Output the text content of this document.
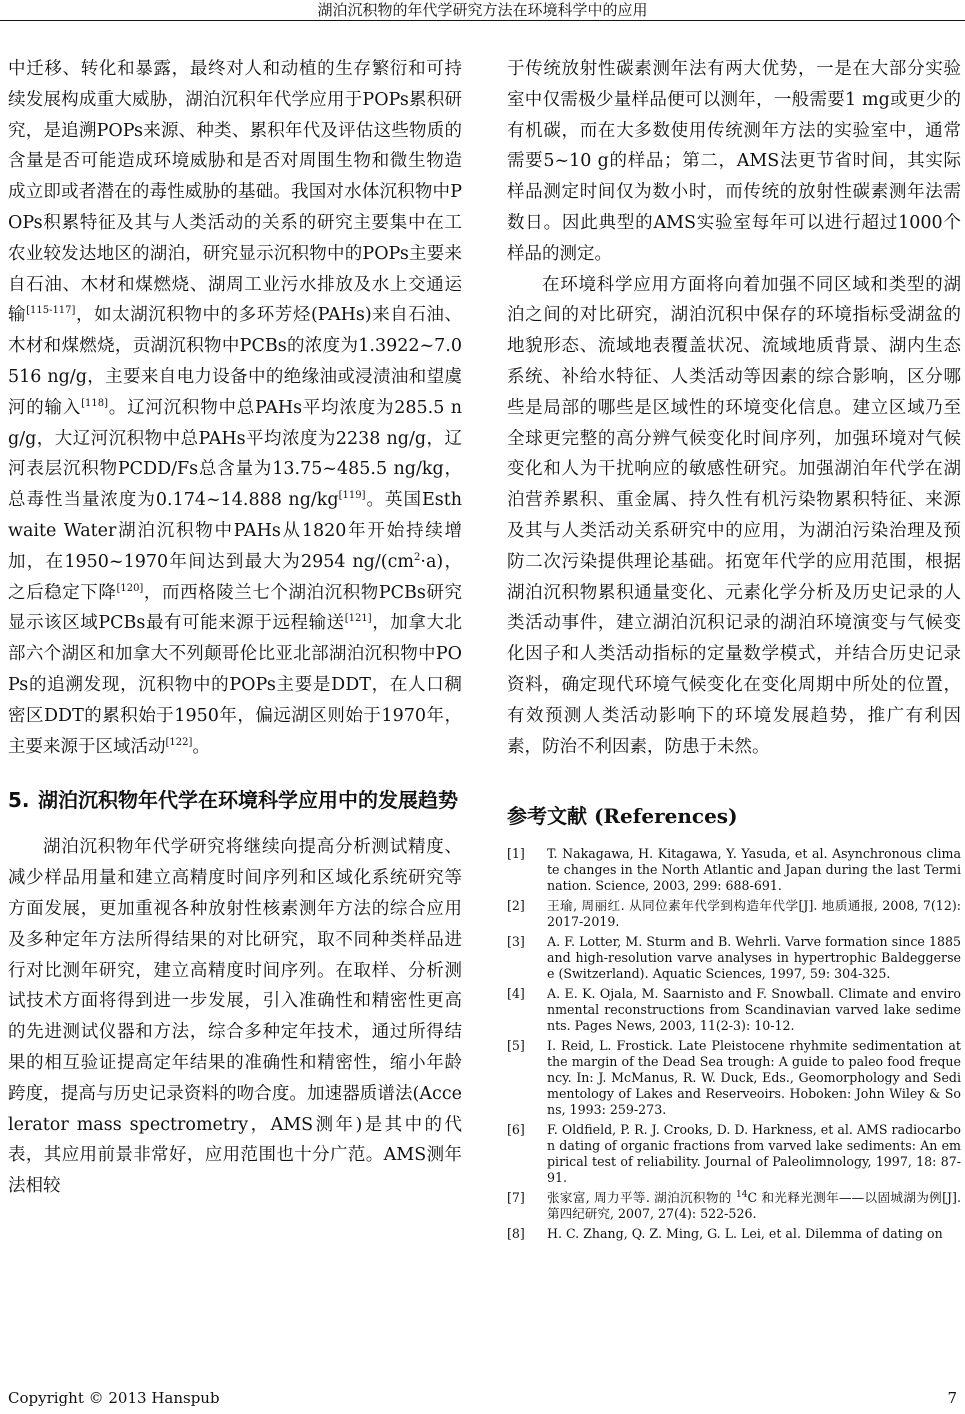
湖泊沉积物的年代学研究方法在环境科学中的应用

中迁移、转化和暴露，最终对人和动植的生存繁衍和可持续发展构成重大威胁，湖泊沉积年代学应用于POPs累积研究，是追溯POPs来源、种类、累积年代及评估这些物质的含量是否可能造成环境威胁和是否对周围生物和微生物造成立即或者潜在的毒性威胁的基础。我国对水体沉积物中POPs积累特征及其与人类活动的关系的研究主要集中在工农业较发达地区的湖泊，研究显示沉积物中的POPs主要来自石油、木材和煤燃烧、湖周工业污水排放及水上交通运输[115-117]，如太湖沉积物中的多环芳烃(PAHs)来自石油、木材和煤燃烧，贡湖沉积物中PCBs的浓度为1.3922~7.0516 ng/g，主要来自电力设备中的绝缘油或浸渍油和望虞河的输入[118]。辽河沉积物中总PAHs平均浓度为285.5 ng/g，大辽河沉积物中总PAHs平均浓度为2238 ng/g，辽河表层沉积物PCDD/Fs总含量为13.75~485.5 ng/kg，总毒性当量浓度为0.174~14.888 ng/kg[119]。英国Esthwaite Water湖泊沉积物中PAHs从1820年开始持续增加，在1950~1970年间达到最大为2954 $ng/(cm^2\cdot a)$，之后稳定下降[120]，而西格陵兰七个湖泊沉积物PCBs研究显示该区域PCBs最有可能来源于远程输送[121]，加拿大北部六个湖区和加拿大不列颠哥伦比亚北部湖泊沉积物中POPs的追溯发现，沉积物中的POPs主要是DDT，在人口稠密区DDT的累积始于1950年，偏远湖区则始于1970年，主要来源于区域活动[122]。

5. 湖泊沉积物年代学在环境科学应用中的发展趋势

湖泊沉积物年代学研究将继续向提高分析测试精度、减少样品用量和建立高精度时间序列和区域化系统研究等方面发展，更加重视各种放射性核素测年方法的综合应用及多种定年方法所得结果的对比研究，取不同种类样品进行对比测年研究，建立高精度时间序列。在取样、分析测试技术方面将得到进一步发展，引入准确性和精密性更高的先进测试仪器和方法，综合多种定年技术，通过所得结果的相互验证提高定年结果的准确性和精密性，缩小年龄跨度，提高与历史记录资料的吻合度。加速器质谱法(Accelerator mass spectrometry，AMS测年)是其中的代表，其应用前景非常好，应用范围也十分广范。AMS测年法相较

于传统放射性碳素测年法有两大优势，一是在大部分实验室中仅需极少量样品便可以测年，一般需要1 mg或更少的有机碳，而在大多数使用传统测年方法的实验室中，通常需要5~10 g的样品；第二，AMS法更节省时间，其实际样品测定时间仅为数小时，而传统的放射性碳素测年法需数日。因此典型的AMS实验室每年可以进行超过1000个样品的测定。

在环境科学应用方面将向着加强不同区域和类型的湖泊之间的对比研究，湖泊沉积中保存的环境指标受湖盆的地貌形态、流域地表覆盖状况、流域地质背景、湖内生态系统、补给水特征、人类活动等因素的综合影响，区分哪些是局部的哪些是区域性的环境变化信息。建立区域乃至全球更完整的高分辨气候变化时间序列，加强环境对气候变化和人为干扰响应的敏感性研究。加强湖泊年代学在湖泊营养累积、重金属、持久性有机污染物累积特征、来源及其与人类活动关系研究中的应用，为湖泊污染治理及预防二次污染提供理论基础。拓宽年代学的应用范围，根据湖泊沉积物累积通量变化、元素化学分析及历史记录的人类活动事件，建立湖泊沉积记录的湖泊环境演变与气候变化因子和人类活动指标的定量数学模式，并结合历史记录资料，确定现代环境气候变化在变化周期中所处的位置，有效预测人类活动影响下的环境发展趋势，推广有利因素，防治不利因素，防患于未然。

参考文献 (References)
[1]	T. Nakagawa, H. Kitagawa, Y. Yasuda, et al. Asynchronous climate changes in the North Atlantic and Japan during the last Termination. Science, 2003, 299: 688-691.
[2]	王瑜, 周丽红. 从同位素年代学到构造年代学[J]. 地质通报, 2008, 7(12): 2017-2019.
[3]	A. F. Lotter, M. Sturm and B. Wehrli. Varve formation since 1885 and high-resolution varve analyses in hypertrophic Baldeggersee (Switzerland). Aquatic Sciences, 1997, 59: 304-325.
[4]	A. E. K. Ojala, M. Saarnisto and F. Snowball. Climate and environmental reconstructions from Scandinavian varved lake sediments. Pages News, 2003, 11(2-3): 10-12.
[5]	I. Reid, L. Frostick. Late Pleistocene rhyhmite sedimentation at the margin of the Dead Sea trough: A guide to paleo food frequency. In: J. McManus, R. W. Duck, Eds., Geomorphology and Sedimentology of Lakes and Reserveoirs. Hoboken: John Wiley & Sons, 1993: 259-273.
[6]	F. Oldfield, P. R. J. Crooks, D. D. Harkness, et al. AMS radiocarbon dating of organic fractions from varved lake sediments: An empirical test of reliability. Journal of Paleolimnology, 1997, 18: 87-91.
[7]	张家富, 周力平等. 湖泊沉积物的 $^{14}$C 和光释光测年——以固城湖为例[J]. 第四纪研究, 2007, 27(4): 522-526.
[8]	H. C. Zhang, Q. Z. Ming, G. L. Lei, et al. Dilemma of dating on
Copyright © 2013 Hanspub	7
